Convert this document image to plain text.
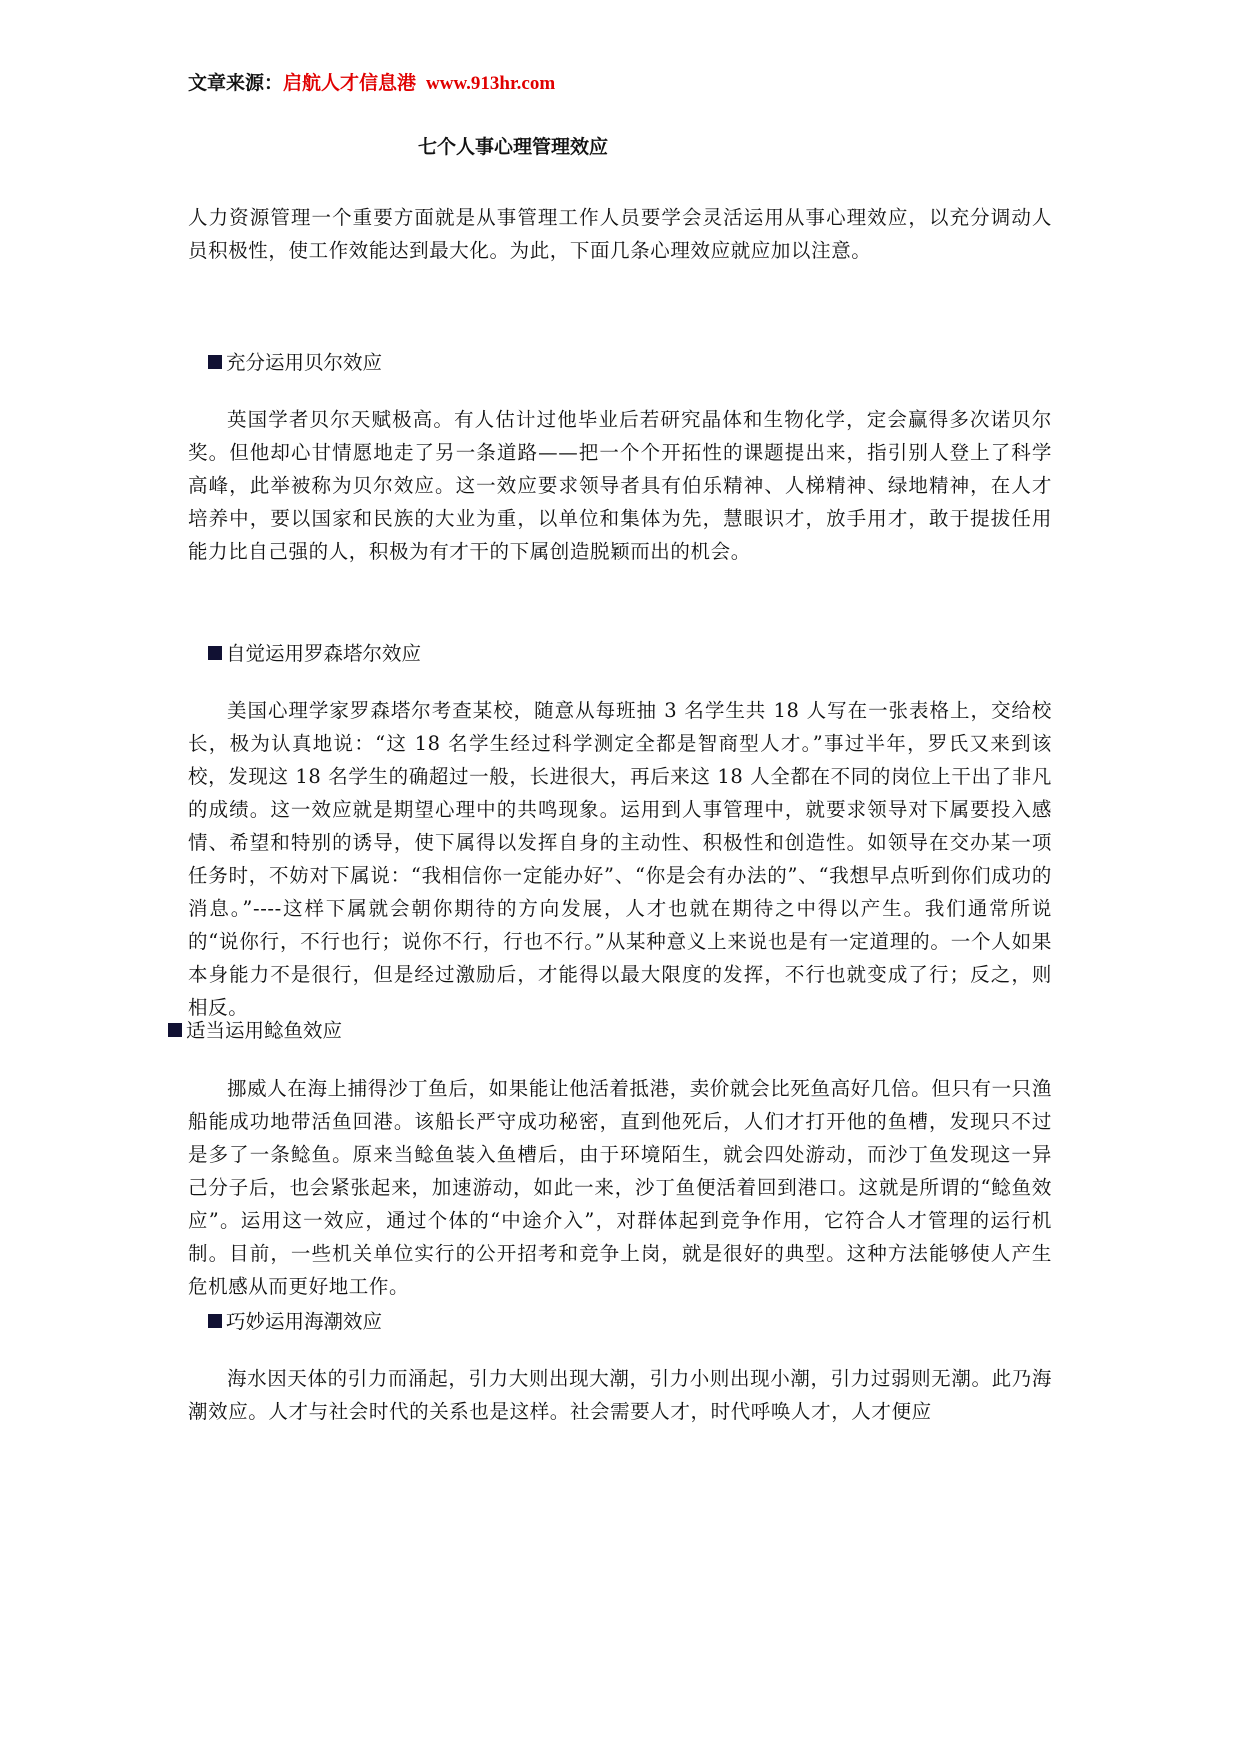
文章来源：启航人才信息港 www.913hr.com
七个人事心理管理效应

人力资源管理一个重要方面就是从事管理工作人员要学会灵活运用从事心理效应，以充分调动人员积极性，使工作效能达到最大化。为此，下面几条心理效应就应加以注意。

充分运用贝尔效应

英国学者贝尔天赋极高。有人估计过他毕业后若研究晶体和生物化学，定会赢得多次诺贝尔奖。但他却心甘情愿地走了另一条道路——把一个个开拓性的课题提出来，指引别人登上了科学高峰，此举被称为贝尔效应。这一效应要求领导者具有伯乐精神、人梯精神、绿地精神，在人才培养中，要以国家和民族的大业为重，以单位和集体为先，慧眼识才，放手用才，敢于提拔任用能力比自己强的人，积极为有才干的下属创造脱颖而出的机会。

自觉运用罗森塔尔效应

美国心理学家罗森塔尔考查某校，随意从每班抽 3 名学生共 18 人写在一张表格上，交给校长，极为认真地说：“这 18 名学生经过科学测定全都是智商型人才。”事过半年，罗氏又来到该校，发现这 18 名学生的确超过一般，长进很大，再后来这 18 人全都在不同的岗位上干出了非凡的成绩。这一效应就是期望心理中的共鸣现象。运用到人事管理中，就要求领导对下属要投入感情、希望和特别的诱导，使下属得以发挥自身的主动性、积极性和创造性。如领导在交办某一项任务时，不妨对下属说：“我相信你一定能办好”、“你是会有办法的”、“我想早点听到你们成功的消息。”----这样下属就会朝你期待的方向发展，人才也就在期待之中得以产生。我们通常所说的“说你行，不行也行；说你不行，行也不行。”从某种意义上来说也是有一定道理的。一个人如果本身能力不是很行，但是经过激励后，才能得以最大限度的发挥，不行也就变成了行；反之，则相反。

适当运用鲶鱼效应

挪威人在海上捕得沙丁鱼后，如果能让他活着抵港，卖价就会比死鱼高好几倍。但只有一只渔船能成功地带活鱼回港。该船长严守成功秘密，直到他死后，人们才打开他的鱼槽，发现只不过是多了一条鲶鱼。原来当鲶鱼装入鱼槽后，由于环境陌生，就会四处游动，而沙丁鱼发现这一异己分子后，也会紧张起来，加速游动，如此一来，沙丁鱼便活着回到港口。这就是所谓的“鲶鱼效应”。运用这一效应，通过个体的“中途介入”，对群体起到竞争作用，它符合人才管理的运行机制。目前，一些机关单位实行的公开招考和竞争上岗，就是很好的典型。这种方法能够使人产生危机感从而更好地工作。

巧妙运用海潮效应

海水因天体的引力而涌起，引力大则出现大潮，引力小则出现小潮，引力过弱则无潮。此乃海潮效应。人才与社会时代的关系也是这样。社会需要人才，时代呼唤人才，人才便应
